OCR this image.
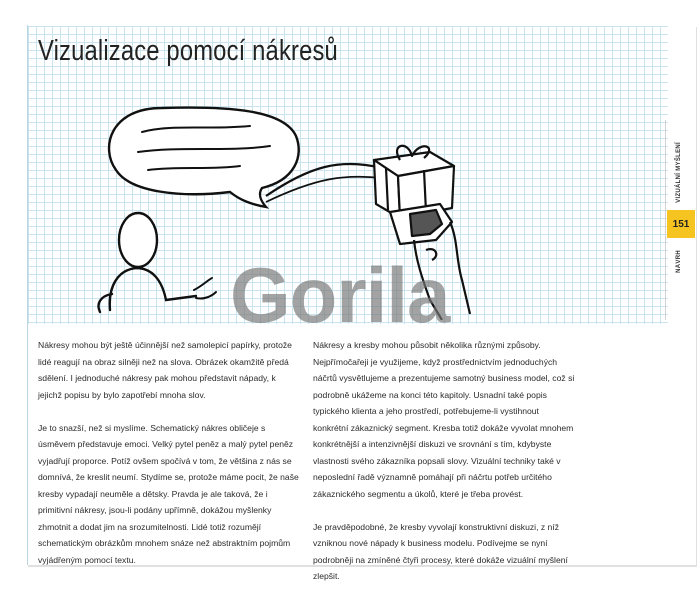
Vizualizace pomocí nákresů
VIZUÁLNÍ MYŠLENÍ
151
NÁVRH
Gorila

Nákresy mohou být ještě účinnější než samolepicí papírky, protože lidé reagují na obraz silněji než na slova. Obrázek okamžitě předá sdělení. I jednoduché nákresy pak mohou představit nápady, k jejichž popisu by bylo zapotřebí mnoha slov.

Je to snazší, než si myslíme. Schematický nákres obličeje s úsměvem představuje emoci. Velký pytel peněz a malý pytel peněz vyjadřují proporce. Potíž ovšem spočívá v tom, že většina z nás se domnívá, že kreslit neumí. Stydíme se, protože máme pocit, že naše kresby vypadají neuměle a dětsky. Pravda je ale taková, že i primitivní nákresy, jsou-li podány upřímně, dokážou myšlenky zhmotnit a dodat jim na srozumitelnosti. Lidé totiž rozumějí schematickým obrázkům mnohem snáze než abstraktním pojmům vyjádřeným pomocí textu.

Nákresy a kresby mohou působit několika různými způsoby. Nejpřímočařeji je využijeme, když prostřednictvím jednoduchých náčrtů vysvětlujeme a prezentujeme samotný business model, což si podrobně ukážeme na konci této kapitoly. Usnadní také popis typického klienta a jeho prostředí, potřebujeme-li vystihnout konkrétní zákaznický segment. Kresba totiž dokáže vyvolat mnohem konkrétnější a intenzivnější diskuzi ve srovnání s tím, kdybyste vlastnosti svého zákazníka popsali slovy. Vizuální techniky také v neposlední řadě významně pomáhají při náčrtu potřeb určitého zákaznického segmentu a úkolů, které je třeba provést.

Je pravděpodobné, že kresby vyvolají konstruktivní diskuzi, z níž vzniknou nové nápady k business modelu. Podívejme se nyní podrobněji na zmíněné čtyři procesy, které dokáže vizuální myšlení zlepšit.
